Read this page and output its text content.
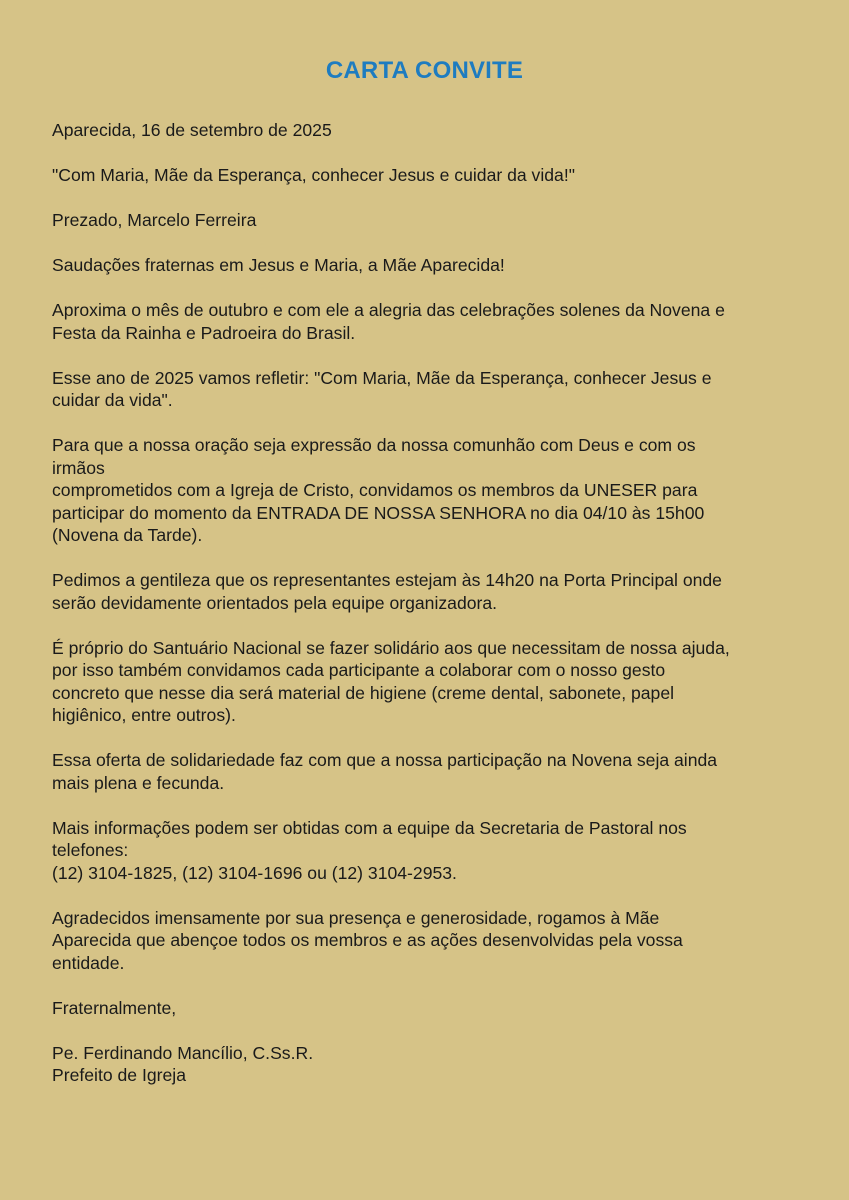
CARTA CONVITE

Aparecida, 16 de setembro de 2025

"Com Maria, Mãe da Esperança, conhecer Jesus e cuidar da vida!"

Prezado, Marcelo Ferreira

Saudações fraternas em Jesus e Maria, a Mãe Aparecida!

Aproxima o mês de outubro e com ele a alegria das celebrações solenes da Novena e
Festa da Rainha e Padroeira do Brasil.
Esse ano de 2025 vamos refletir: "Com Maria, Mãe da Esperança, conhecer Jesus e
cuidar da vida".
Para que a nossa oração seja expressão da nossa comunhão com Deus e com os
irmãos
comprometidos com a Igreja de Cristo, convidamos os membros da UNESER para
participar do momento da ENTRADA DE NOSSA SENHORA no dia 04/10 às 15h00
(Novena da Tarde).
Pedimos a gentileza que os representantes estejam às 14h20 na Porta Principal onde
serão devidamente orientados pela equipe organizadora.
É próprio do Santuário Nacional se fazer solidário aos que necessitam de nossa ajuda,
por isso também convidamos cada participante a colaborar com o nosso gesto
concreto que nesse dia será material de higiene (creme dental, sabonete, papel
higiênico, entre outros).
Essa oferta de solidariedade faz com que a nossa participação na Novena seja ainda
mais plena e fecunda.
Mais informações podem ser obtidas com a equipe da Secretaria de Pastoral nos
telefones:
(12) 3104-1825, (12) 3104-1696 ou (12) 3104-2953.
Agradecidos imensamente por sua presença e generosidade, rogamos à Mãe
Aparecida que abençoe todos os membros e as ações desenvolvidas pela vossa
entidade.

Fraternalmente,

Pe. Ferdinando Mancílio, C.Ss.R.
Prefeito de Igreja
